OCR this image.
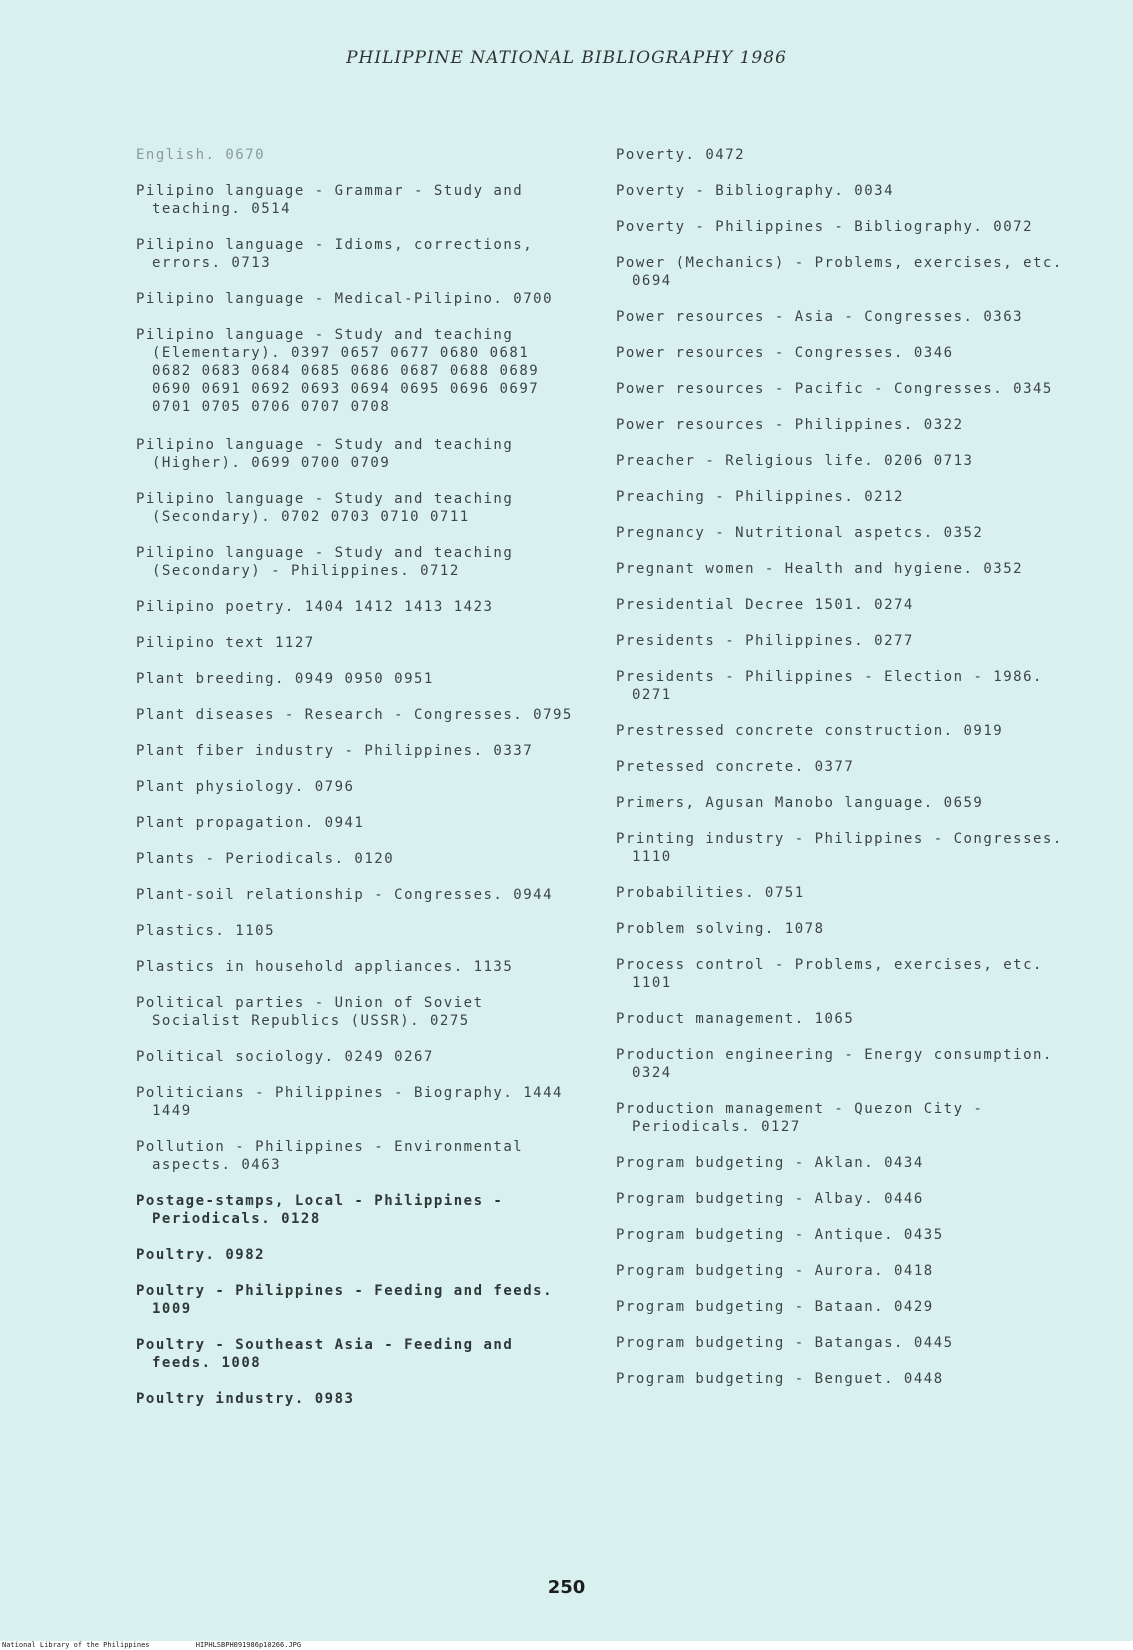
PHILIPPINE NATIONAL BIBLIOGRAPHY 1986
English. 0670
Pilipino language - Grammar - Study and teaching. 0514
Pilipino language - Idioms, corrections, errors. 0713
Pilipino language - Medical-Pilipino. 0700
Pilipino language - Study and teaching (Elementary). 0397 0657 0677 0680 0681 0682 0683 0684 0685 0686 0687 0688 0689 0690 0691 0692 0693 0694 0695 0696 0697 0701 0705 0706 0707 0708
Pilipino language - Study and teaching (Higher). 0699 0700 0709
Pilipino language - Study and teaching (Secondary). 0702 0703 0710 0711
Pilipino language - Study and teaching (Secondary) - Philippines. 0712
Pilipino poetry. 1404 1412 1413 1423
Pilipino text 1127
Plant breeding. 0949 0950 0951
Plant diseases - Research - Congresses. 0795
Plant fiber industry - Philippines. 0337
Plant physiology. 0796
Plant propagation. 0941
Plants - Periodicals. 0120
Plant-soil relationship - Congresses. 0944
Plastics. 1105
Plastics in household appliances. 1135
Political parties - Union of Soviet Socialist Republics (USSR). 0275
Political sociology. 0249 0267
Politicians - Philippines - Biography. 1444 1449
Pollution - Philippines - Environmental aspects. 0463
Postage-stamps, Local - Philippines - Periodicals. 0128
Poultry. 0982
Poultry - Philippines - Feeding and feeds. 1009
Poultry - Southeast Asia - Feeding and feeds. 1008
Poultry industry. 0983
Poverty. 0472
Poverty - Bibliography. 0034
Poverty - Philippines - Bibliography. 0072
Power (Mechanics) - Problems, exercises, etc. 0694
Power resources - Asia - Congresses. 0363
Power resources - Congresses. 0346
Power resources - Pacific - Congresses. 0345
Power resources - Philippines. 0322
Preacher - Religious life. 0206 0713
Preaching - Philippines. 0212
Pregnancy - Nutritional aspetcs. 0352
Pregnant women - Health and hygiene. 0352
Presidential Decree 1501. 0274
Presidents - Philippines. 0277
Presidents - Philippines - Election - 1986. 0271
Prestressed concrete construction. 0919
Pretessed concrete. 0377
Primers, Agusan Manobo language. 0659
Printing industry - Philippines - Congresses. 1110
Probabilities. 0751
Problem solving. 1078
Process control - Problems, exercises, etc. 1101
Product management. 1065
Production engineering - Energy consumption. 0324
Production management - Quezon City - Periodicals. 0127
Program budgeting - Aklan. 0434
Program budgeting - Albay. 0446
Program budgeting - Antique. 0435
Program budgeting - Aurora. 0418
Program budgeting - Bataan. 0429
Program budgeting - Batangas. 0445
Program budgeting - Benguet. 0448
250
National Library of the Philippines	HIPHLSBPH091986p10266.JPG
